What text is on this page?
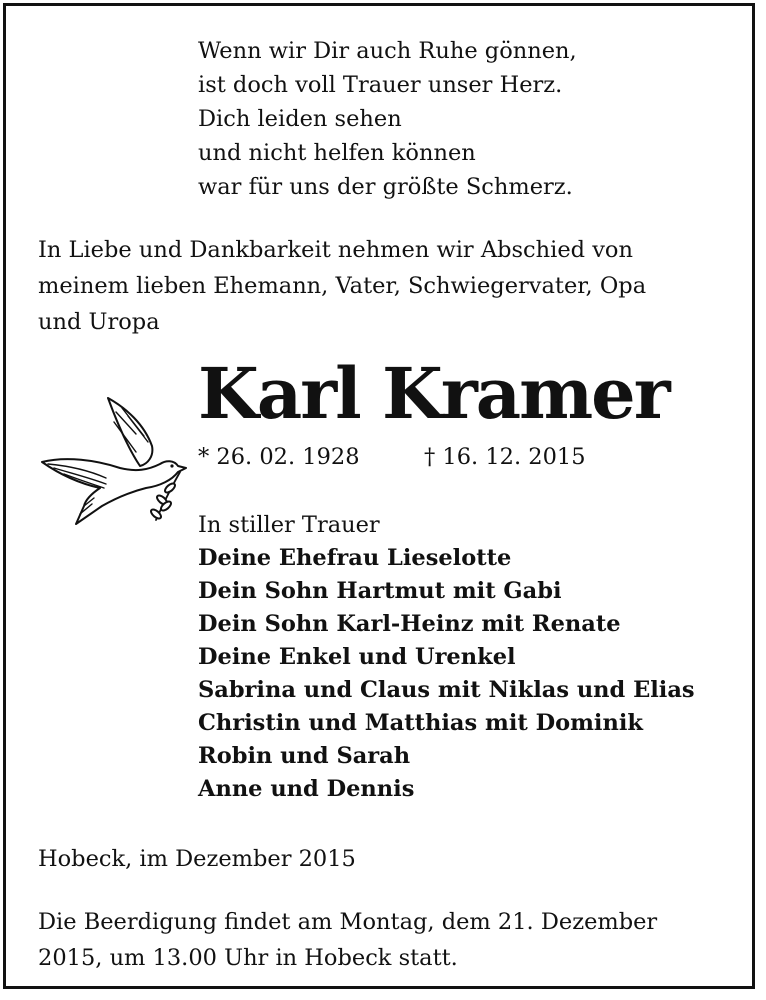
Wenn wir Dir auch Ruhe gönnen,
ist doch voll Trauer unser Herz.
Dich leiden sehen
und nicht helfen können
war für uns der größte Schmerz.
In Liebe und Dankbarkeit nehmen wir Abschied von
meinem lieben Ehemann, Vater, Schwiegervater, Opa
und Uropa
Karl Kramer
* 26. 02. 1928	† 16. 12. 2015
In stiller Trauer
Deine Ehefrau Lieselotte
Dein Sohn Hartmut mit Gabi
Dein Sohn Karl-Heinz mit Renate
Deine Enkel und Urenkel
Sabrina und Claus mit Niklas und Elias
Christin und Matthias mit Dominik
Robin und Sarah
Anne und Dennis
Hobeck, im Dezember 2015
Die Beerdigung findet am Montag, dem 21. Dezember
2015, um 13.00 Uhr in Hobeck statt.
